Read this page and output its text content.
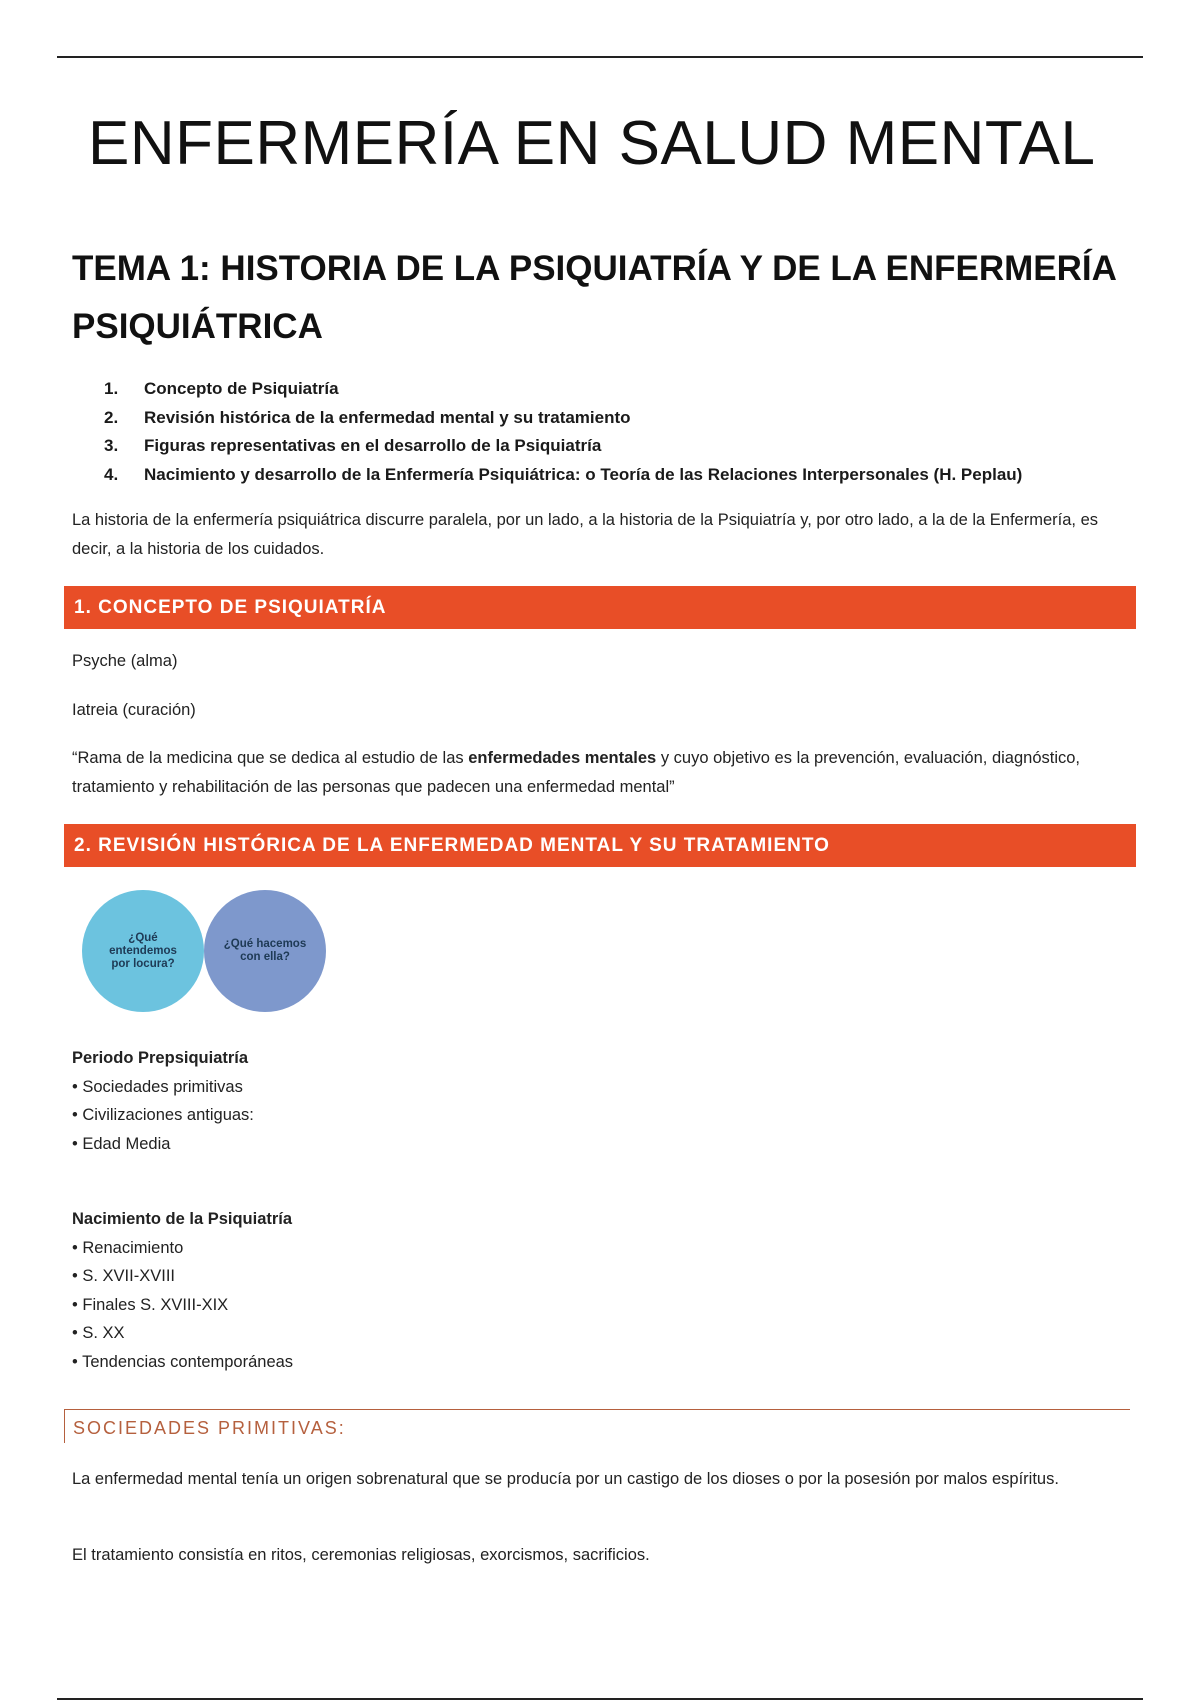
ENFERMERÍA EN SALUD MENTAL
TEMA 1: HISTORIA DE LA PSIQUIATRÍA Y DE LA ENFERMERÍA PSIQUIÁTRICA
1.	Concepto de Psiquiatría
2.	Revisión histórica de la enfermedad mental y su tratamiento
3.	Figuras representativas en el desarrollo de la Psiquiatría
4.	Nacimiento y desarrollo de la Enfermería Psiquiátrica: o Teoría de las Relaciones Interpersonales (H. Peplau)

La historia de la enfermería psiquiátrica discurre paralela, por un lado, a la historia de la Psiquiatría y, por otro lado, a la de la Enfermería, es decir, a la historia de los cuidados.

1. CONCEPTO DE PSIQUIATRÍA

Psyche (alma)

Iatreia (curación)

“Rama de la medicina que se dedica al estudio de las enfermedades mentales y cuyo objetivo es la prevención, evaluación, diagnóstico, tratamiento y rehabilitación de las personas que padecen una enfermedad mental”

2. REVISIÓN HISTÓRICA DE LA ENFERMEDAD MENTAL Y SU TRATAMIENTO
¿Qué entendemos por locura?
¿Qué hacemos con ella?
Periodo Prepsiquiatría
• Sociedades primitivas
• Civilizaciones antiguas:
• Edad Media
Nacimiento de la Psiquiatría
• Renacimiento
• S. XVII-XVIII
• Finales S. XVIII-XIX
• S. XX
• Tendencias contemporáneas
SOCIEDADES PRIMITIVAS:

La enfermedad mental tenía un origen sobrenatural que se producía por un castigo de los dioses o por la posesión por malos espíritus.

El tratamiento consistía en ritos, ceremonias religiosas, exorcismos, sacrificios.
